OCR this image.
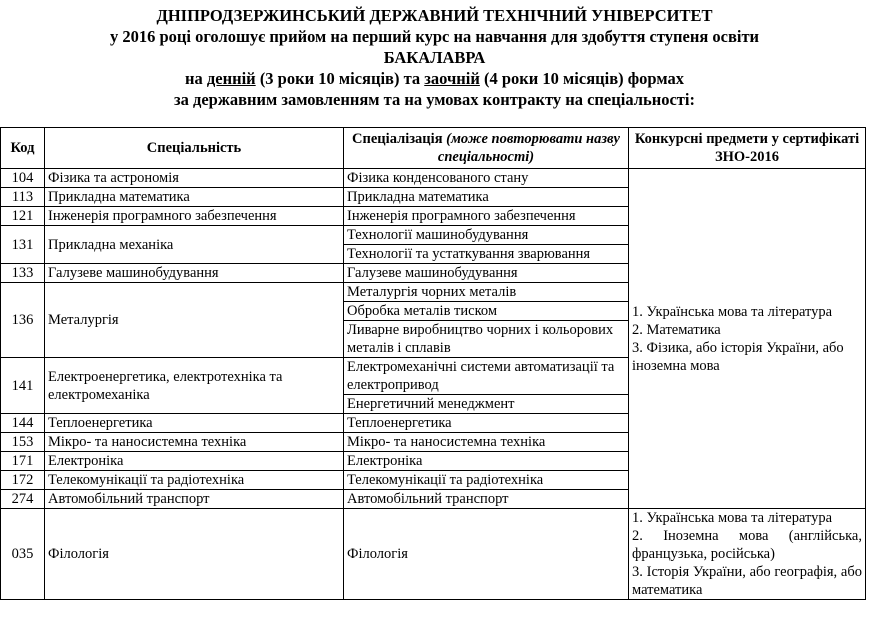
ДНІПРОДЗЕРЖИНСЬКИЙ ДЕРЖАВНИЙ ТЕХНІЧНИЙ УНІВЕРСИТЕТ
у 2016 році оголошує прийом на перший курс на навчання для здобуття ступеня освіти
БАКАЛАВРА
на денній (3 роки 10 місяців) та заочній (4 роки 10 місяців) формах
за державним замовленням та на умовах контракту на спеціальності:
Код	Спеціальність	Спеціалізація (може повторювати назву спеціальності)	Конкурсні предмети у сертифікаті ЗНО-2016
104	Фізика та астрономія	Фізика конденсованого стану	1. Українська мова та література
2. Математика
3. Фізика, або історія України, або іноземна мова

113	Прикладна математика	Прикладна математика	
121	Інженерія програмного забезпечення	Інженерія програмного забезпечення	
131	Прикладна механіка	Технології машинобудування	
		Технології та устаткування зварювання	
133	Галузеве машинобудування	Галузеве машинобудування	
136	Металургія	Металургія чорних металів	
		Обробка металів тиском	
		Ливарне виробництво чорних і кольорових металів і сплавів	
141	Електроенергетика, електротехніка та електромеханіка	Електромеханічні системи автоматизації та електропривод	
		Енергетичний менеджмент	
144	Теплоенергетика	Теплоенергетика	
153	Мікро- та наносистемна техніка	Мікро- та наносистемна техніка	
171	Електроніка	Електроніка	
172	Телекомунікації та радіотехніка	Телекомунікації та радіотехніка	
274	Автомобільний транспорт	Автомобільний транспорт	
035	Філологія	Філологія	1. Українська мова та література
2. Іноземна мова (англійська, французька, російська)
3. Історія України, або географія, або математика
